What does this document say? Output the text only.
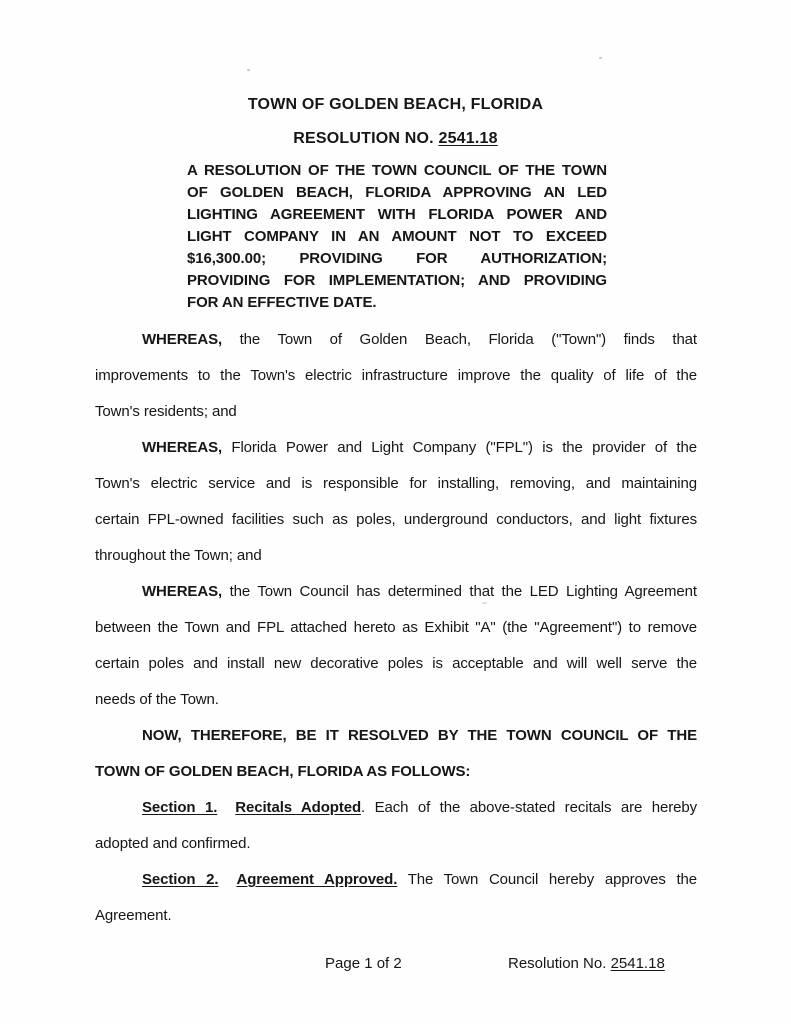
TOWN OF GOLDEN BEACH, FLORIDA
RESOLUTION NO. 2541.18
A RESOLUTION OF THE TOWN COUNCIL OF THE TOWN
OF GOLDEN BEACH, FLORIDA APPROVING AN LED
LIGHTING AGREEMENT WITH FLORIDA POWER AND
LIGHT COMPANY IN AN AMOUNT NOT TO EXCEED
$16,300.00; PROVIDING FOR AUTHORIZATION;
PROVIDING FOR IMPLEMENTATION; AND PROVIDING
FOR AN EFFECTIVE DATE.
WHEREAS, the Town of Golden Beach, Florida ("Town") finds that
improvements to the Town's electric infrastructure improve the quality of life of the
Town's residents; and
WHEREAS, Florida Power and Light Company ("FPL") is the provider of the
Town's electric service and is responsible for installing, removing, and maintaining
certain FPL-owned facilities such as poles, underground conductors, and light fixtures
throughout the Town; and
WHEREAS, the Town Council has determined that the LED Lighting Agreement
between the Town and FPL attached hereto as Exhibit "A" (the "Agreement") to remove
certain poles and install new decorative poles is acceptable and will well serve the
needs of the Town.
NOW, THEREFORE, BE IT RESOLVED BY THE TOWN COUNCIL OF THE
TOWN OF GOLDEN BEACH, FLORIDA AS FOLLOWS:
Section 1. Recitals Adopted. Each of the above-stated recitals are hereby
adopted and confirmed.
Section 2. Agreement Approved. The Town Council hereby approves the
Agreement.
Page 1 of 2	Resolution No. 2541.18
